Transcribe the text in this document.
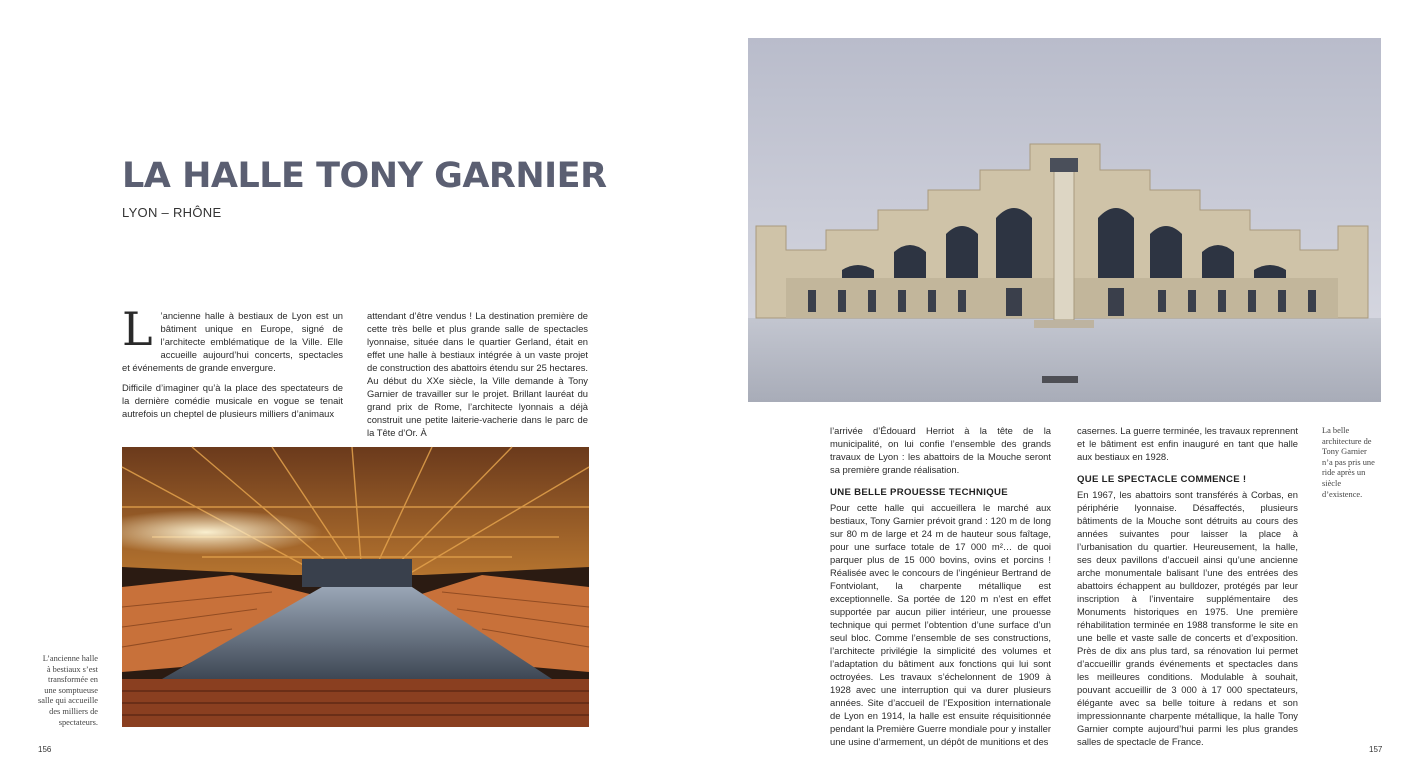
LA HALLE TONY GARNIER
LYON – RHÔNE

L ’ancienne halle à bestiaux de Lyon est un bâtiment unique en Europe, signé de l’architecte emblématique de la Ville. Elle accueille aujourd’hui concerts, spectacles et événements de grande envergure.

Difficile d’imaginer qu’à la place des spectateurs de la dernière comédie musicale en vogue se tenait autrefois un cheptel de plusieurs milliers d’animaux

attendant d’être vendus ! La destination première de cette très belle et plus grande salle de spectacles lyonnaise, située dans le quartier Gerland, était en effet une halle à bestiaux intégrée à un vaste projet de construction des abattoirs étendu sur 25 hectares. Au début du XXe siècle, la Ville demande à Tony Garnier de travailler sur le projet. Brillant lauréat du grand prix de Rome, l’architecte lyonnais a déjà construit une petite laiterie-vacherie dans le parc de la Tête d’Or. À

L’ancienne halle à bestiaux s’est transformée en une somptueuse salle qui accueille des milliers de spectateurs.
156

l’arrivée d’Édouard Herriot à la tête de la municipalité, on lui confie l’ensemble des grands travaux de Lyon : les abattoirs de la Mouche seront sa première grande réalisation.

UNE BELLE PROUESSE TECHNIQUE

Pour cette halle qui accueillera le marché aux bestiaux, Tony Garnier prévoit grand : 120 m de long sur 80 m de large et 24 m de hauteur sous faîtage, pour une surface totale de 17 000 m²… de quoi parquer plus de 15 000 bovins, ovins et porcins ! Réalisée avec le concours de l’ingénieur Bertrand de Fontviolant, la charpente métallique est exceptionnelle. Sa portée de 120 m n’est en effet supportée par aucun pilier intérieur, une prouesse technique qui permet l’obtention d’une surface d’un seul bloc. Comme l’ensemble de ses constructions, l’architecte privilégie la simplicité des volumes et l’adaptation du bâtiment aux fonctions qui lui sont octroyées. Les travaux s’échelonnent de 1909 à 1928 avec une interruption qui va durer plusieurs années. Site d’accueil de l’Exposition internationale de Lyon en 1914, la halle est ensuite réquisitionnée pendant la Première Guerre mondiale pour y installer une usine d’armement, un dépôt de munitions et des

casernes. La guerre terminée, les travaux reprennent et le bâtiment est enfin inauguré en tant que halle aux bestiaux en 1928.

QUE LE SPECTACLE COMMENCE !

En 1967, les abattoirs sont transférés à Corbas, en périphérie lyonnaise. Désaffectés, plusieurs bâtiments de la Mouche sont détruits au cours des années suivantes pour laisser la place à l’urbanisation du quartier. Heureusement, la halle, ses deux pavillons d’accueil ainsi qu’une ancienne arche monumentale balisant l’une des entrées des abattoirs échappent au bulldozer, protégés par leur inscription à l’inventaire supplémentaire des Monuments historiques en 1975. Une première réhabilitation terminée en 1988 transforme le site en une belle et vaste salle de concerts et d’exposition. Près de dix ans plus tard, sa rénovation lui permet d’accueillir grands événements et spectacles dans les meilleures conditions. Modulable à souhait, pouvant accueillir de 3 000 à 17 000 spectateurs, élégante avec sa belle toiture à redans et son impressionnante charpente métallique, la halle Tony Garnier compte aujourd’hui parmi les plus grandes salles de spectacle de France.

La belle architecture de Tony Garnier n’a pas pris une ride après un siècle d’existence.
157
